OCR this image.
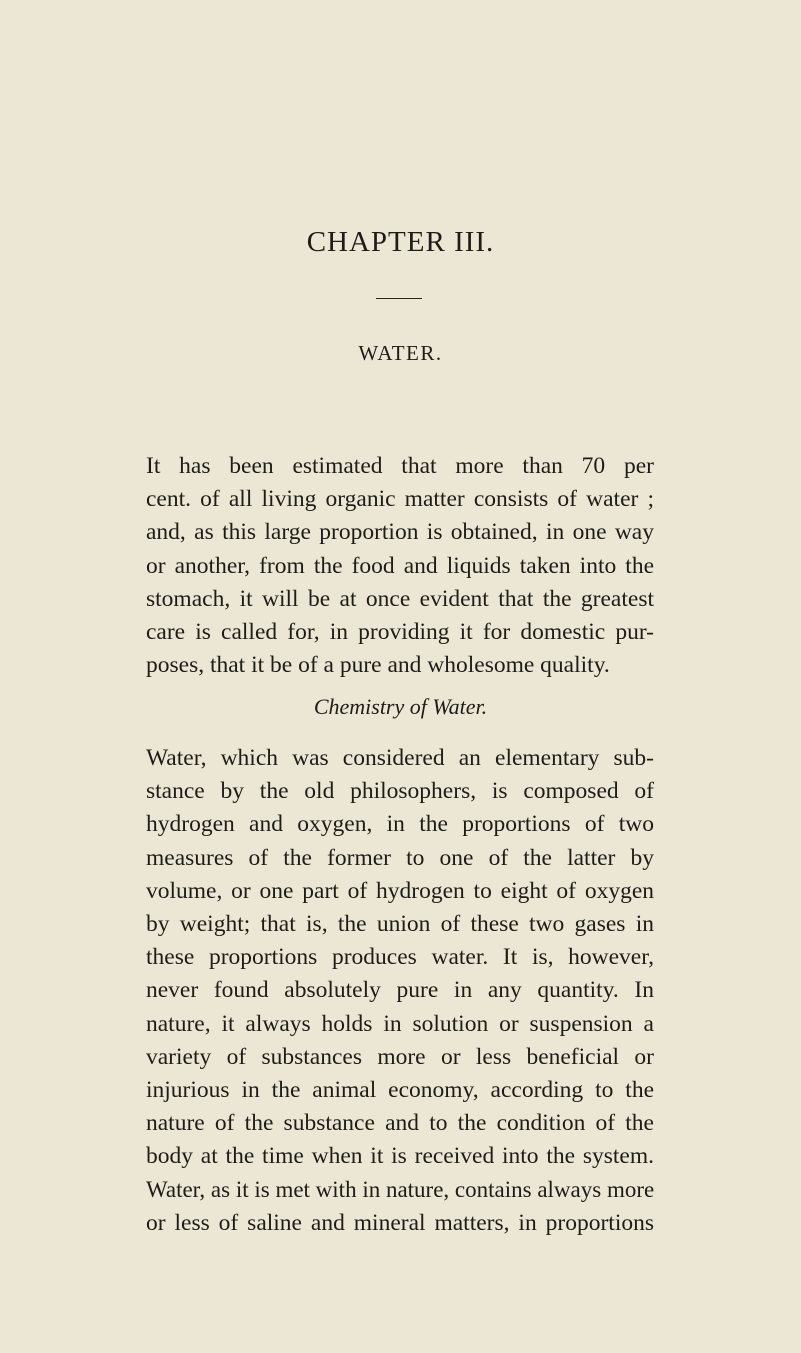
CHAPTER III.
WATER.
It has been estimated that more than 70 per
cent. of all living organic matter consists of water ;
and, as this large proportion is obtained, in one way
or another, from the food and liquids taken into the
stomach, it will be at once evident that the greatest
care is called for, in providing it for domestic pur-
poses, that it be of a pure and wholesome quality.
Chemistry of Water.
Water, which was considered an elementary sub-
stance by the old philosophers, is composed of
hydrogen and oxygen, in the proportions of two
measures of the former to one of the latter by
volume, or one part of hydrogen to eight of oxygen
by weight; that is, the union of these two gases in
these proportions produces water. It is, however,
never found absolutely pure in any quantity. In
nature, it always holds in solution or suspension a
variety of substances more or less beneficial or
injurious in the animal economy, according to the
nature of the substance and to the condition of the
body at the time when it is received into the system.
Water, as it is met with in nature, contains always more
or less of saline and mineral matters, in proportions
